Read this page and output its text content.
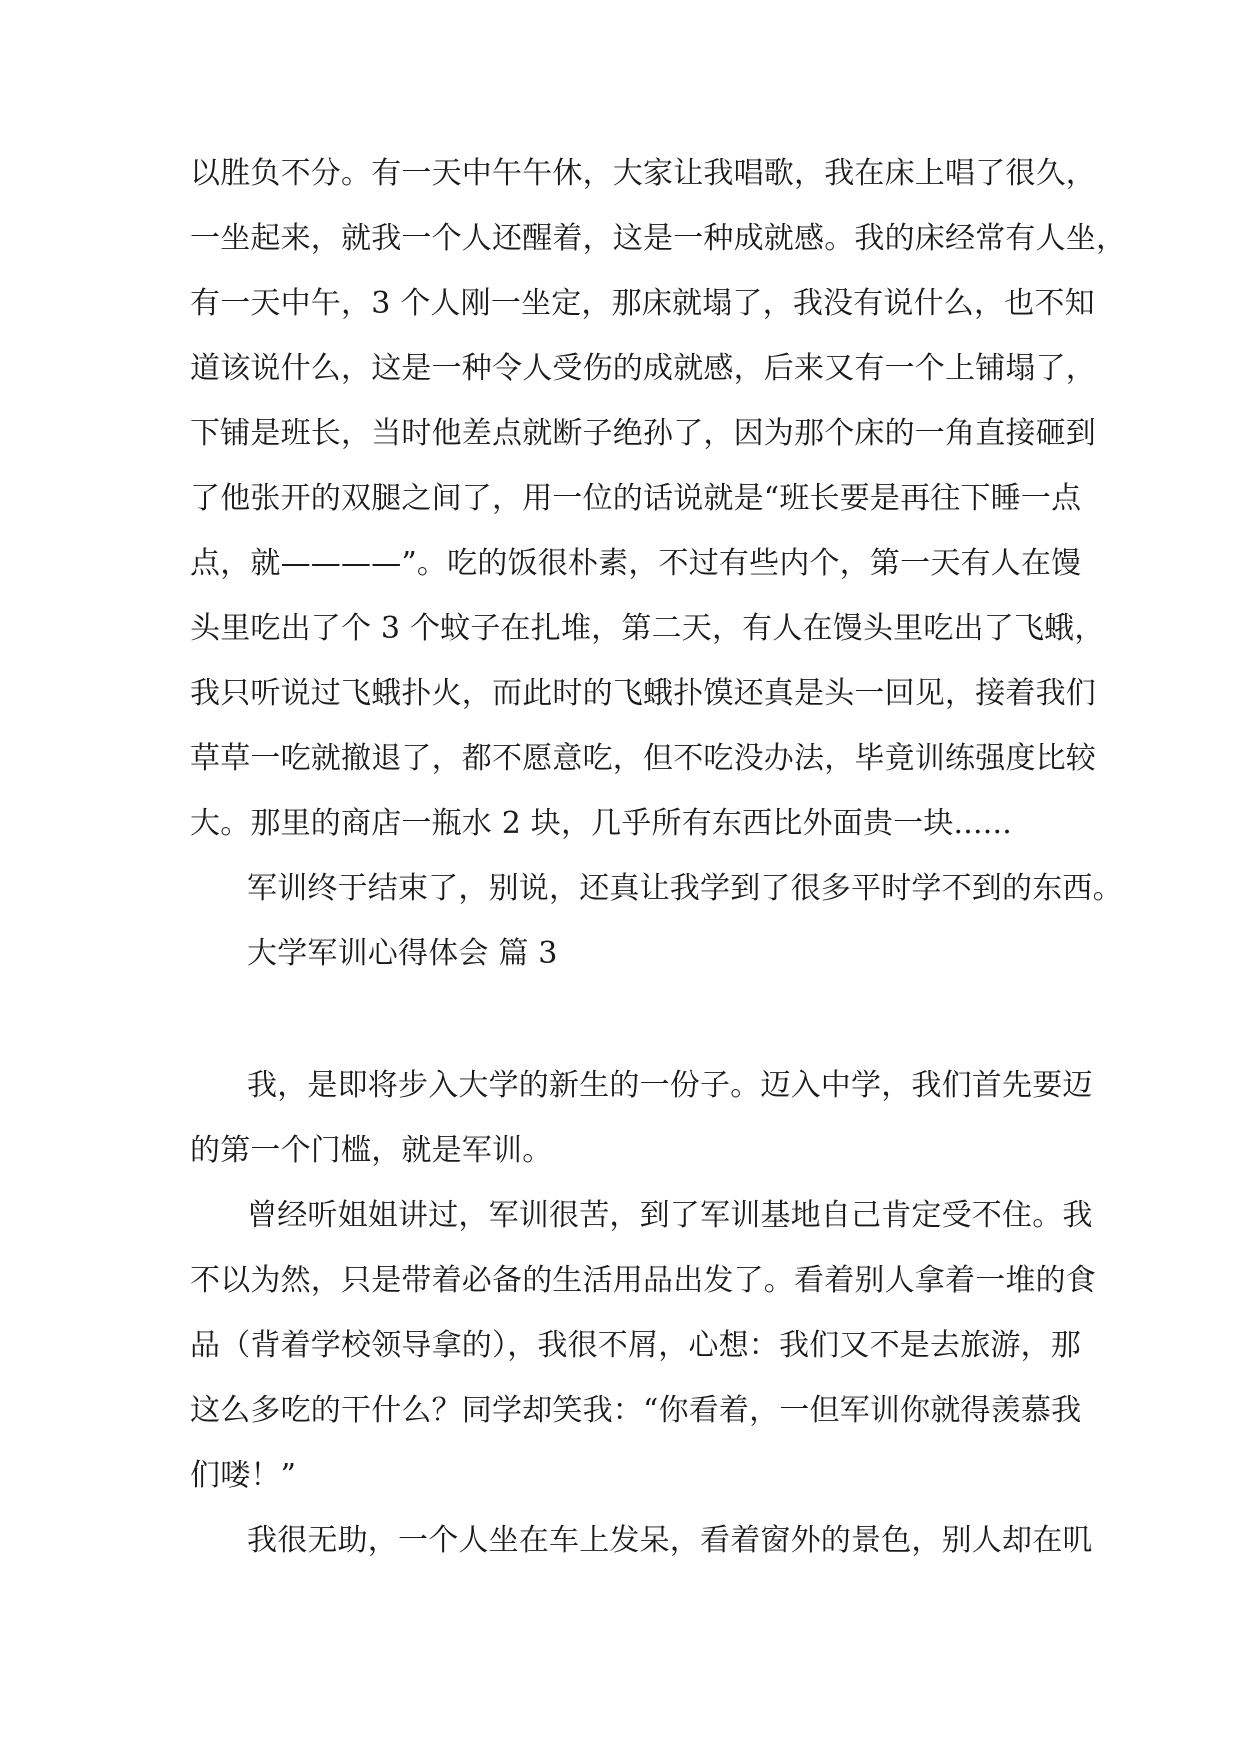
以胜负不分。有一天中午午休，大家让我唱歌，我在床上唱了很久，
一坐起来，就我一个人还醒着，这是一种成就感。我的床经常有人坐，
有一天中午，3 个人刚一坐定，那床就塌了，我没有说什么，也不知
道该说什么，这是一种令人受伤的成就感，后来又有一个上铺塌了，
下铺是班长，当时他差点就断子绝孙了，因为那个床的一角直接砸到
了他张开的双腿之间了，用一位的话说就是“班长要是再往下睡一点
点，就————”。吃的饭很朴素，不过有些内个，第一天有人在馒
头里吃出了个 3 个蚊子在扎堆，第二天，有人在馒头里吃出了飞蛾，
我只听说过飞蛾扑火，而此时的飞蛾扑馍还真是头一回见，接着我们
草草一吃就撤退了，都不愿意吃，但不吃没办法，毕竟训练强度比较
大。那里的商店一瓶水 2 块，几乎所有东西比外面贵一块......
军训终于结束了，别说，还真让我学到了很多平时学不到的东西。
大学军训心得体会 篇 3
我，是即将步入大学的新生的一份子。迈入中学，我们首先要迈
的第一个门槛，就是军训。
曾经听姐姐讲过，军训很苦，到了军训基地自己肯定受不住。我
不以为然，只是带着必备的生活用品出发了。看着别人拿着一堆的食
品（背着学校领导拿的），我很不屑，心想：我们又不是去旅游，那
这么多吃的干什么？同学却笑我：“你看着，一但军训你就得羡慕我
们喽！”
我很无助，一个人坐在车上发呆，看着窗外的景色，别人却在叽
